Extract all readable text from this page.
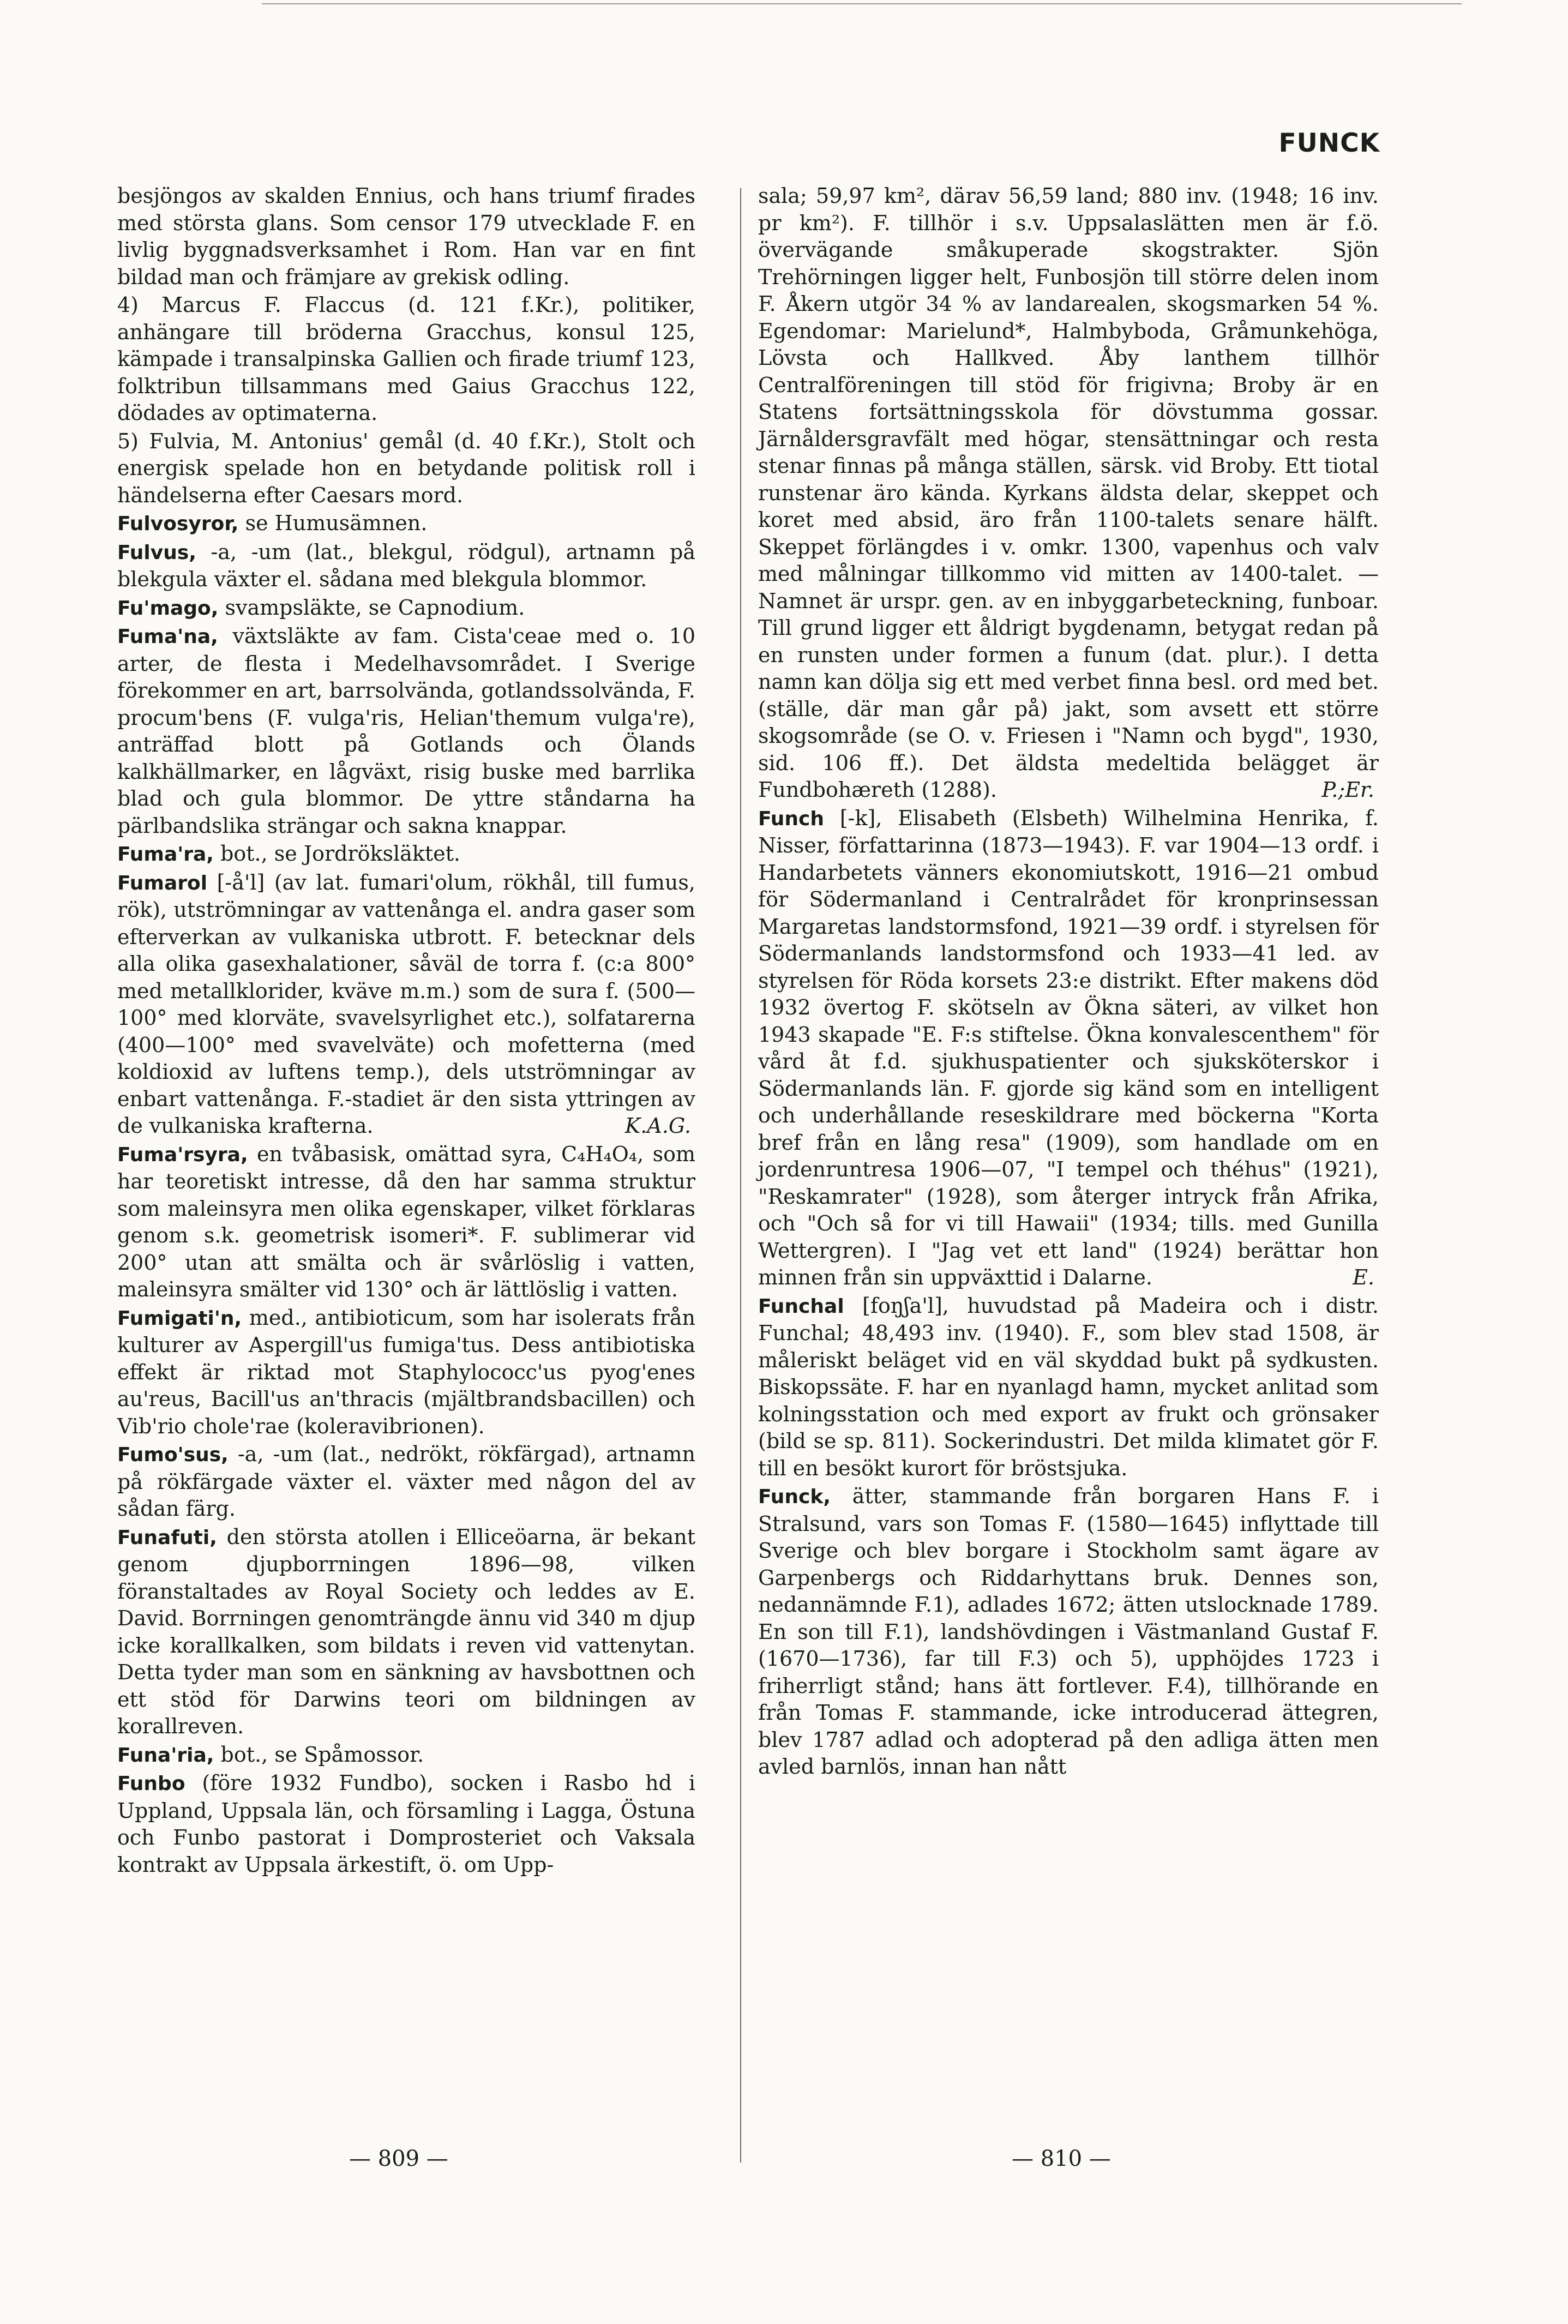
FUNCK

besjöngos av skalden Ennius, och hans triumf firades med största glans. Som censor 179 utvecklade F. en livlig byggnadsverksamhet i Rom. Han var en fint bildad man och främjare av grekisk odling.

4) Marcus F. Flaccus (d. 121 f.Kr.), politiker, anhängare till bröderna Gracchus, konsul 125, kämpade i transalpinska Gallien och firade triumf 123, folktribun tillsammans med Gaius Gracchus 122, dödades av optimaterna.

5) Fulvia, M. Antonius' gemål (d. 40 f.Kr.), Stolt och energisk spelade hon en betydande politisk roll i händelserna efter Caesars mord.

Fulvosyror, se Humusämnen.

Fulvus, -a, -um (lat., blekgul, rödgul), artnamn på blekgula växter el. sådana med blekgula blommor.

Fu'mago, svampsläkte, se Capnodium.

Fuma'na, växtsläkte av fam. Cista'ceae med o. 10 arter, de flesta i Medelhavsområdet. I Sverige förekommer en art, barrsolvända, gotlandssolvända, F. procum'bens (F. vulga'ris, Helian'themum vulga're), anträffad blott på Gotlands och Ölands kalkhällmarker, en lågväxt, risig buske med barrlika blad och gula blommor. De yttre ståndarna ha pärlbandslika strängar och sakna knappar.

Fuma'ra, bot., se Jordröksläktet.

Fumarol [-å'l] (av lat. fumari'olum, rökhål, till fumus, rök), utströmningar av vattenånga el. andra gaser som efterverkan av vulkaniska utbrott. F. betecknar dels alla olika gasexhalationer, såväl de torra f. (c:a 800° med metallklorider, kväve m.m.) som de sura f. (500—100° med klorväte, svavelsyrlighet etc.), solfatarerna (400—100° med svavelväte) och mofetterna (med koldioxid av luftens temp.), dels utströmningar av enbart vattenånga. F.-stadiet är den sista yttringen av de vulkaniska krafterna.	K.A.G.

Fuma'rsyra, en tvåbasisk, omättad syra, C₄H₄O₄, som har teoretiskt intresse, då den har samma struktur som maleinsyra men olika egenskaper, vilket förklaras genom s.k. geometrisk isomeri*. F. sublimerar vid 200° utan att smälta och är svårlöslig i vatten, maleinsyra smälter vid 130° och är lättlöslig i vatten.

Fumigati'n, med., antibioticum, som har isolerats från kulturer av Aspergill'us fumiga'tus. Dess antibiotiska effekt är riktad mot Staphylococc'us pyog'enes au'reus, Bacill'us an'thracis (mjältbrandsbacillen) och Vib'rio chole'rae (koleravibrionen).

Fumo'sus, -a, -um (lat., nedrökt, rökfärgad), artnamn på rökfärgade växter el. växter med någon del av sådan färg.

Funafuti, den största atollen i Elliceöarna, är bekant genom djupborrningen 1896—98, vilken föranstaltades av Royal Society och leddes av E. David. Borrningen genomträngde ännu vid 340 m djup icke korallkalken, som bildats i reven vid vattenytan. Detta tyder man som en sänkning av havsbottnen och ett stöd för Darwins teori om bildningen av korallreven.

Funa'ria, bot., se Spåmossor.

Funbo (före 1932 Fundbo), socken i Rasbo hd i Uppland, Uppsala län, och församling i Lagga, Östuna och Funbo pastorat i Domprosteriet och Vaksala kontrakt av Uppsala ärkestift, ö. om Upp-

sala; 59,97 km², därav 56,59 land; 880 inv. (1948; 16 inv. pr km²). F. tillhör i s.v. Uppsalaslätten men är f.ö. övervägande småkuperade skogstrakter. Sjön Trehörningen ligger helt, Funbosjön till större delen inom F. Åkern utgör 34 % av landarealen, skogsmarken 54 %. Egendomar: Marielund*, Halmbyboda, Gråmunkehöga, Lövsta och Hallkved. Åby lanthem tillhör Centralföreningen till stöd för frigivna; Broby är en Statens fortsättningsskola för dövstumma gossar. Järnåldersgravfält med högar, stensättningar och resta stenar finnas på många ställen, särsk. vid Broby. Ett tiotal runstenar äro kända. Kyrkans äldsta delar, skeppet och koret med absid, äro från 1100-talets senare hälft. Skeppet förlängdes i v. omkr. 1300, vapenhus och valv med målningar tillkommo vid mitten av 1400-talet. — Namnet är urspr. gen. av en inbyggarbeteckning, funboar. Till grund ligger ett åldrigt bygdenamn, betygat redan på en runsten under formen a funum (dat. plur.). I detta namn kan dölja sig ett med verbet finna besl. ord med bet. (ställe, där man går på) jakt, som avsett ett större skogsområde (se O. v. Friesen i "Namn och bygd", 1930, sid. 106 ff.). Det äldsta medeltida belägget är Fundbohæreth (1288).	P.;Er.

Funch [-k], Elisabeth (Elsbeth) Wilhelmina Henrika, f. Nisser, författarinna (1873—1943). F. var 1904—13 ordf. i Handarbetets vänners ekonomiutskott, 1916—21 ombud för Södermanland i Centralrådet för kronprinsessan Margaretas landstormsfond, 1921—39 ordf. i styrelsen för Södermanlands landstormsfond och 1933—41 led. av styrelsen för Röda korsets 23:e distrikt. Efter makens död 1932 övertog F. skötseln av Ökna säteri, av vilket hon 1943 skapade "E. F:s stiftelse. Ökna konvalescenthem" för vård åt f.d. sjukhuspatienter och sjuksköterskor i Södermanlands län. F. gjorde sig känd som en intelligent och underhållande reseskildrare med böckerna "Korta bref från en lång resa" (1909), som handlade om en jordenruntresa 1906—07, "I tempel och théhus" (1921), "Reskamrater" (1928), som återger intryck från Afrika, och "Och så for vi till Hawaii" (1934; tills. med Gunilla Wettergren). I "Jag vet ett land" (1924) berättar hon minnen från sin uppväxttid i Dalarne.	E.

Funchal [foŋʃa'l], huvudstad på Madeira och i distr. Funchal; 48,493 inv. (1940). F., som blev stad 1508, är måleriskt beläget vid en väl skyddad bukt på sydkusten. Biskopssäte. F. har en nyanlagd hamn, mycket anlitad som kolningsstation och med export av frukt och grönsaker (bild se sp. 811). Sockerindustri. Det milda klimatet gör F. till en besökt kurort för bröstsjuka.

Funck, ätter, stammande från borgaren Hans F. i Stralsund, vars son Tomas F. (1580—1645) inflyttade till Sverige och blev borgare i Stockholm samt ägare av Garpenbergs och Riddarhyttans bruk. Dennes son, nedannämnde F.1), adlades 1672; ätten utslocknade 1789. En son till F.1), landshövdingen i Västmanland Gustaf F. (1670—1736), far till F.3) och 5), upphöjdes 1723 i friherrligt stånd; hans ätt fortlever. F.4), tillhörande en från Tomas F. stammande, icke introducerad ättegren, blev 1787 adlad och adopterad på den adliga ätten men avled barnlös, innan han nått

— 809 —	— 810 —
